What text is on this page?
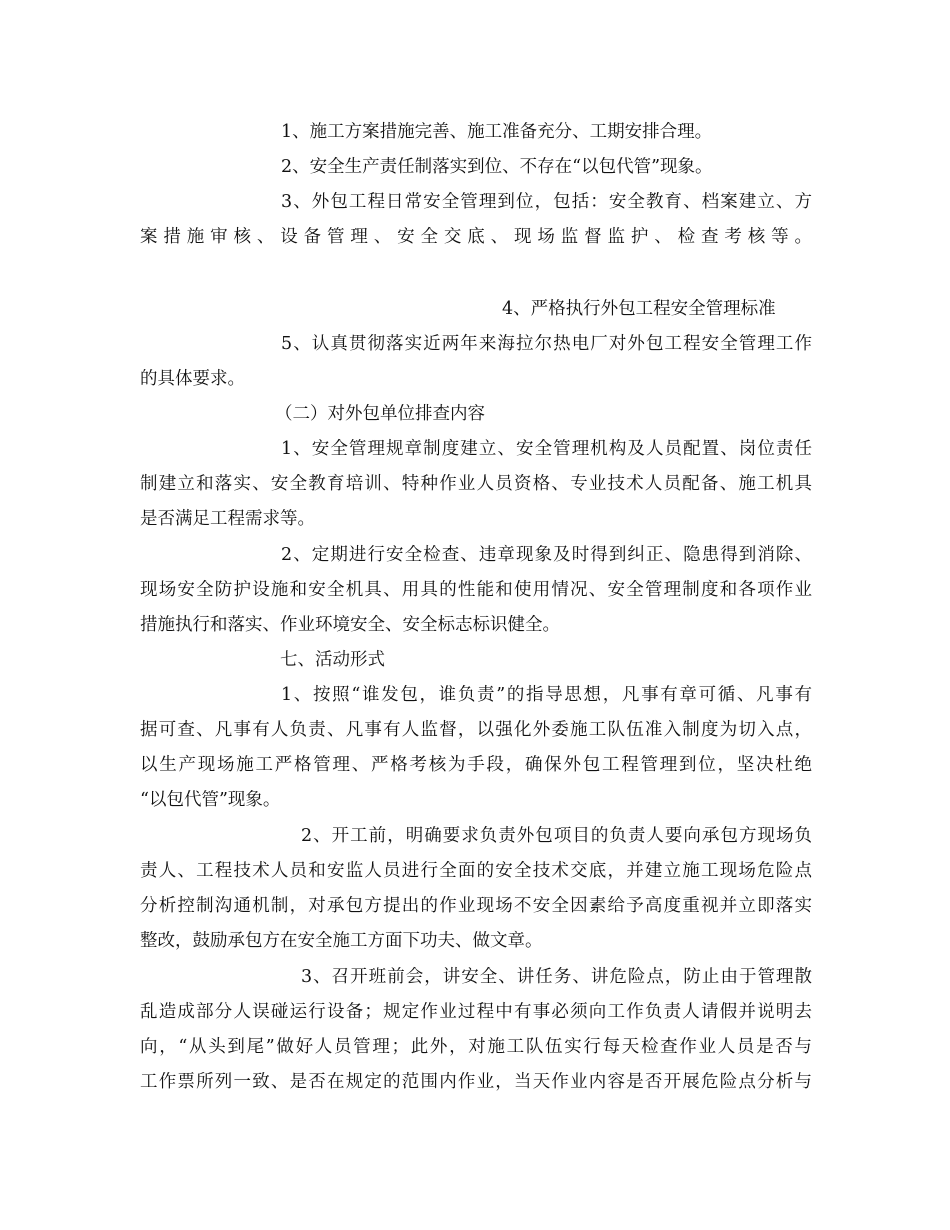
1、施工方案措施完善、施工准备充分、工期安排合理。
2、安全生产责任制落实到位、不存在“以包代管”现象。
3、外包工程日常安全管理到位，包括：安全教育、档案建立、方
案措施审核、设备管理、安全交底、现场监督监护、检查考核等。
4、严格执行外包工程安全管理标准
5、认真贯彻落实近两年来海拉尔热电厂对外包工程安全管理工作
的具体要求。
（二）对外包单位排查内容
1、安全管理规章制度建立、安全管理机构及人员配置、岗位责任
制建立和落实、安全教育培训、特种作业人员资格、专业技术人员配备、施工机具
是否满足工程需求等。
2、定期进行安全检查、违章现象及时得到纠正、隐患得到消除、
现场安全防护设施和安全机具、用具的性能和使用情况、安全管理制度和各项作业
措施执行和落实、作业环境安全、安全标志标识健全。
七、活动形式
1、按照“谁发包，谁负责”的指导思想，凡事有章可循、凡事有
据可查、凡事有人负责、凡事有人监督，以强化外委施工队伍准入制度为切入点，
以生产现场施工严格管理、严格考核为手段，确保外包工程管理到位，坚决杜绝
“以包代管”现象。
2、开工前，明确要求负责外包项目的负责人要向承包方现场负
责人、工程技术人员和安监人员进行全面的安全技术交底，并建立施工现场危险点
分析控制沟通机制，对承包方提出的作业现场不安全因素给予高度重视并立即落实
整改，鼓励承包方在安全施工方面下功夫、做文章。
3、召开班前会，讲安全、讲任务、讲危险点，防止由于管理散
乱造成部分人误碰运行设备；规定作业过程中有事必须向工作负责人请假并说明去
向，“从头到尾”做好人员管理；此外，对施工队伍实行每天检查作业人员是否与
工作票所列一致、是否在规定的范围内作业，当天作业内容是否开展危险点分析与
